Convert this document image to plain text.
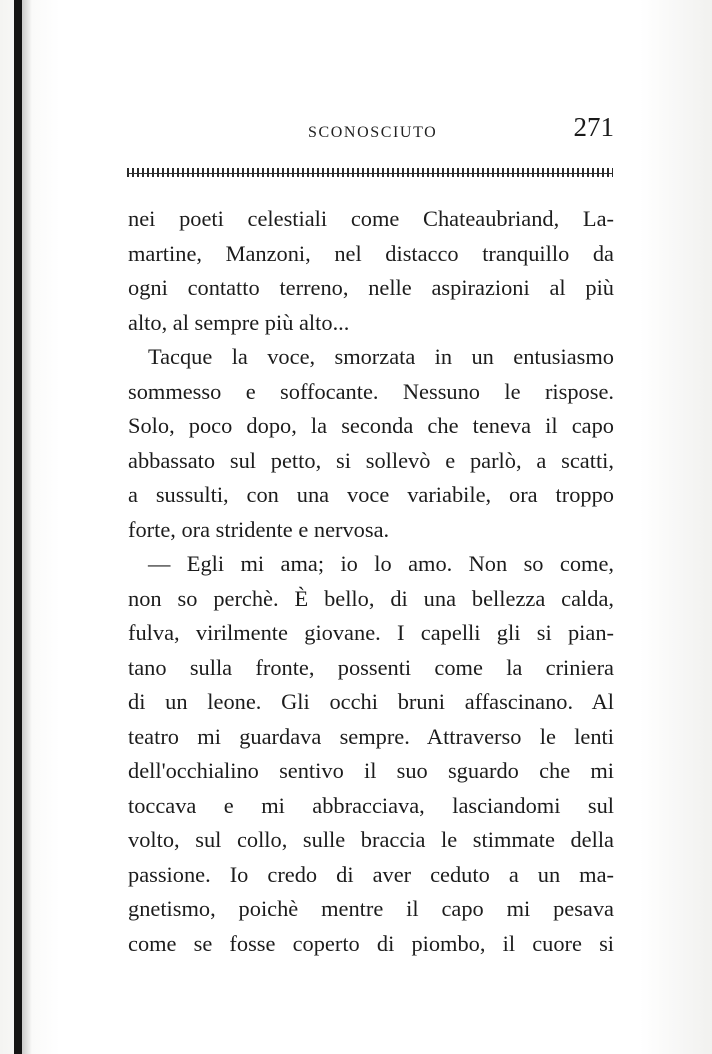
SCONOSCIUTO	271
nei poeti celestiali come Chateaubriand, La-
martine, Manzoni, nel distacco tranquillo da
ogni contatto terreno, nelle aspirazioni al più
alto, al sempre più alto...
Tacque la voce, smorzata in un entusiasmo
sommesso e soffocante. Nessuno le rispose.
Solo, poco dopo, la seconda che teneva il capo
abbassato sul petto, si sollevò e parlò, a scatti,
a sussulti, con una voce variabile, ora troppo
forte, ora stridente e nervosa.
— Egli mi ama; io lo amo. Non so come,
non so perchè. È bello, di una bellezza calda,
fulva, virilmente giovane. I capelli gli si pian-
tano sulla fronte, possenti come la criniera
di un leone. Gli occhi bruni affascinano. Al
teatro mi guardava sempre. Attraverso le lenti
dell'occhialino sentivo il suo sguardo che mi
toccava e mi abbracciava, lasciandomi sul
volto, sul collo, sulle braccia le stimmate della
passione. Io credo di aver ceduto a un ma-
gnetismo, poichè mentre il capo mi pesava
come se fosse coperto di piombo, il cuore si
